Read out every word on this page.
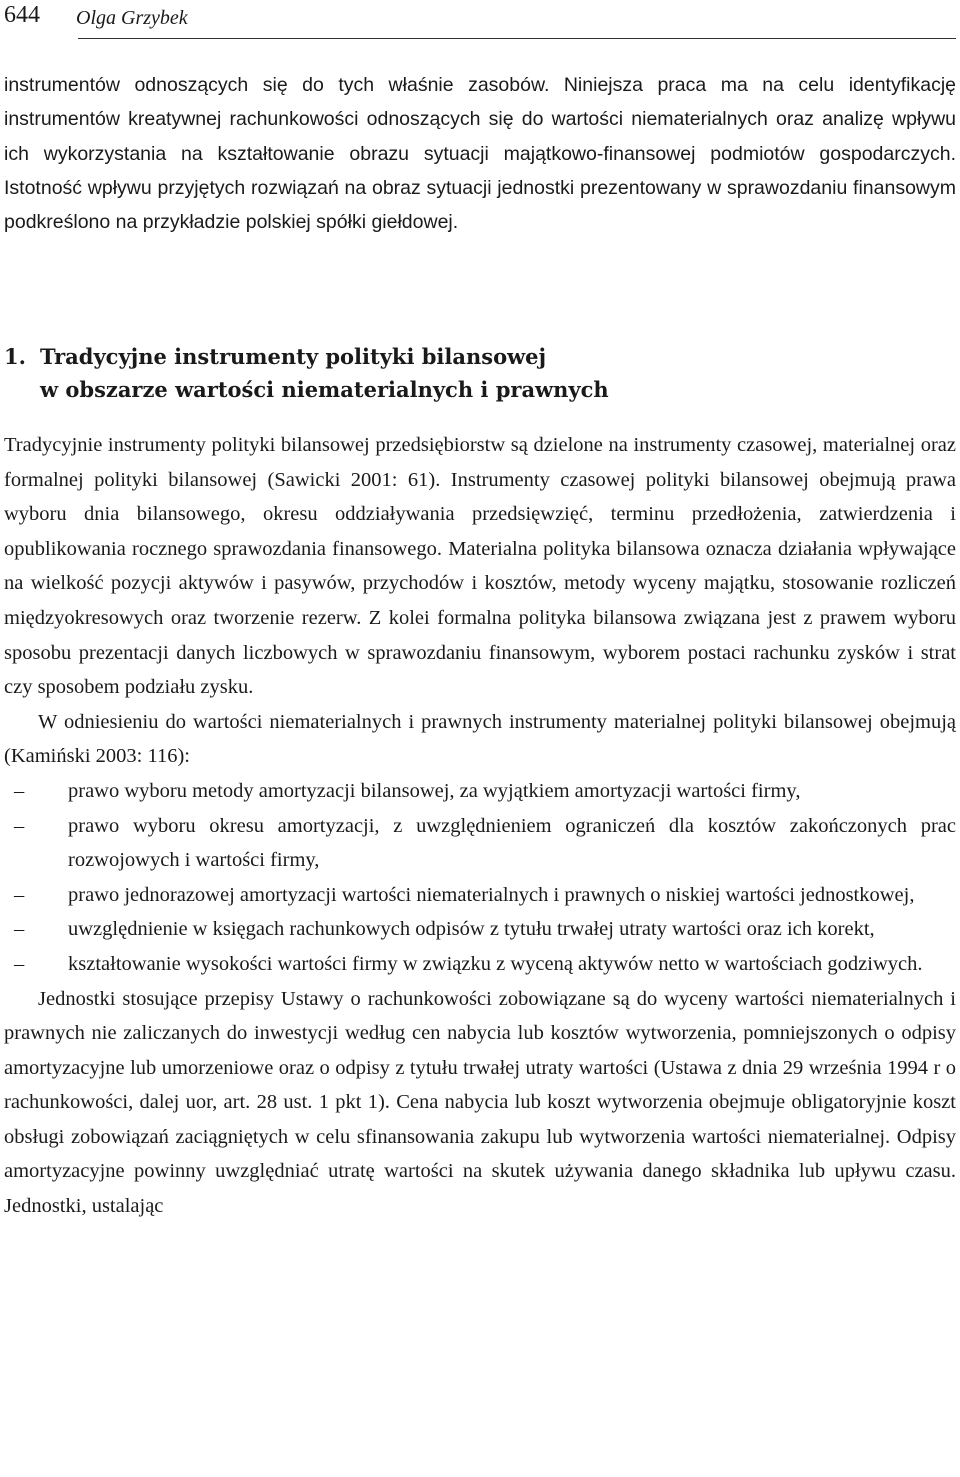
644	Olga Grzybek

instrumentów odnoszących się do tych właśnie zasobów. Niniejsza praca ma na celu identyfikację instrumentów kreatywnej rachunkowości odnoszących się do wartości niematerialnych oraz analizę wpływu ich wykorzystania na kształtowanie obrazu sytuacji majątkowo-finansowej podmiotów gospodarczych. Istotność wpływu przyjętych rozwiązań na obraz sytuacji jednostki prezentowany w sprawozdaniu finansowym podkreślono na przykładzie polskiej spółki giełdowej.

1. Tradycyjne instrumenty polityki bilansowej
w obszarze wartości niematerialnych i prawnych

Tradycyjnie instrumenty polityki bilansowej przedsiębiorstw są dzielone na instrumenty czasowej, materialnej oraz formalnej polityki bilansowej (Sawicki 2001: 61). Instrumenty czasowej polityki bilansowej obejmują prawa wyboru dnia bilansowego, okresu oddziaływania przedsięwzięć, terminu przedłożenia, zatwierdzenia i opublikowania rocznego sprawozdania finansowego. Materialna polityka bilansowa oznacza działania wpływające na wielkość pozycji aktywów i pasywów, przychodów i kosztów, metody wyceny majątku, stosowanie rozliczeń międzyokresowych oraz tworzenie rezerw. Z kolei formalna polityka bilansowa związana jest z prawem wyboru sposobu prezentacji danych liczbowych w sprawozdaniu finansowym, wyborem postaci rachunku zysków i strat czy sposobem podziału zysku.

W odniesieniu do wartości niematerialnych i prawnych instrumenty materialnej polityki bilansowej obejmują (Kamiński 2003: 116):

– prawo wyboru metody amortyzacji bilansowej, za wyjątkiem amortyzacji wartości firmy,
– prawo wyboru okresu amortyzacji, z uwzględnieniem ograniczeń dla kosztów zakończonych prac rozwojowych i wartości firmy,
– prawo jednorazowej amortyzacji wartości niematerialnych i prawnych o niskiej wartości jednostkowej,
– uwzględnienie w księgach rachunkowych odpisów z tytułu trwałej utraty wartości oraz ich korekt,
– kształtowanie wysokości wartości firmy w związku z wyceną aktywów netto w wartościach godziwych.

Jednostki stosujące przepisy Ustawy o rachunkowości zobowiązane są do wyceny wartości niematerialnych i prawnych nie zaliczanych do inwestycji według cen nabycia lub kosztów wytworzenia, pomniejszonych o odpisy amortyzacyjne lub umorzeniowe oraz o odpisy z tytułu trwałej utraty wartości (Ustawa z dnia 29 września 1994 r o rachunkowości, dalej uor, art. 28 ust. 1 pkt 1). Cena nabycia lub koszt wytworzenia obejmuje obligatoryjnie koszt obsługi zobowiązań zaciągniętych w celu sfinansowania zakupu lub wytworzenia wartości niematerialnej. Odpisy amortyzacyjne powinny uwzględniać utratę wartości na skutek używania danego składnika lub upływu czasu. Jednostki, ustalając
